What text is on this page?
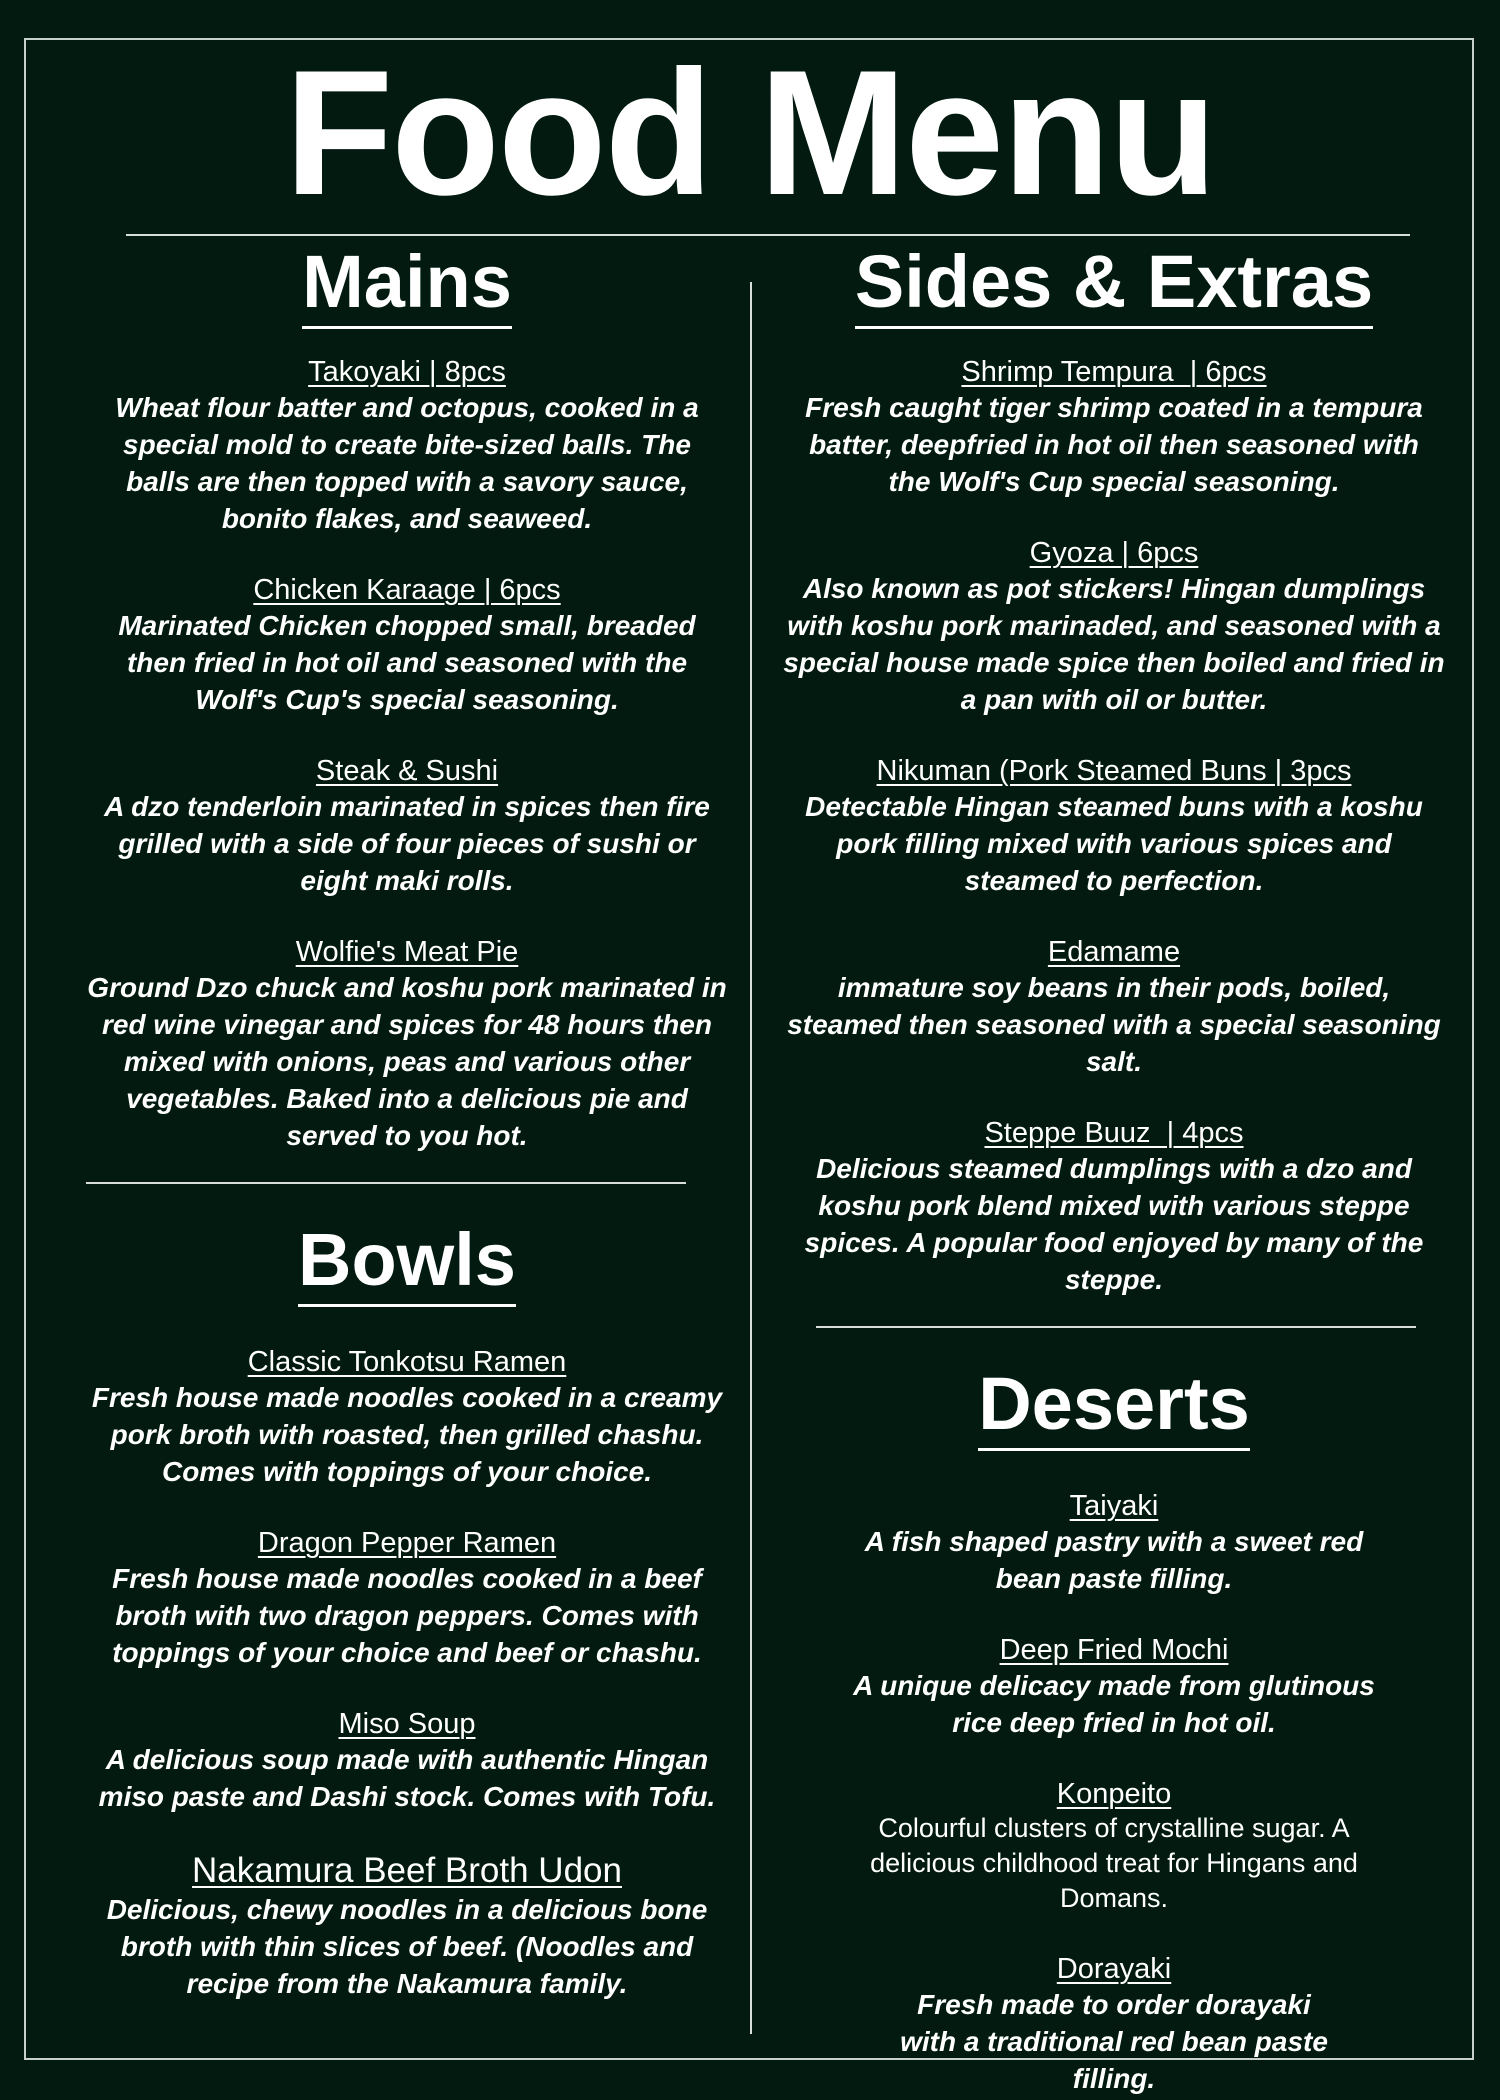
Food Menu
Mains
Takoyaki | 8pcs
Wheat flour batter and octopus, cooked in a special mold to create bite-sized balls. The balls are then topped with a savory sauce, bonito flakes, and seaweed.
Chicken Karaage | 6pcs
Marinated Chicken chopped small, breaded then fried in hot oil and seasoned with the Wolf's Cup's special seasoning.
Steak & Sushi
A dzo tenderloin marinated in spices then fire grilled with a side of four pieces of sushi or eight maki rolls.
Wolfie's Meat Pie
Ground Dzo chuck and koshu pork marinated in red wine vinegar and spices for 48 hours then mixed with onions, peas and various other vegetables. Baked into a delicious pie and served to you hot.
Bowls
Classic Tonkotsu Ramen
Fresh house made noodles cooked in a creamy pork broth with roasted, then grilled chashu. Comes with toppings of your choice.
Dragon Pepper Ramen
Fresh house made noodles cooked in a beef broth with two dragon peppers. Comes with toppings of your choice and beef or chashu.
Miso Soup
A delicious soup made with authentic Hingan miso paste and Dashi stock. Comes with Tofu.
Nakamura Beef Broth Udon
Delicious, chewy noodles in a delicious bone broth with thin slices of beef. (Noodles and recipe from the Nakamura family.
Sides & Extras
Shrimp Tempura  | 6pcs
Fresh caught tiger shrimp coated in a tempura batter, deepfried in hot oil then seasoned with the Wolf's Cup special seasoning.
Gyoza | 6pcs
Also known as pot stickers! Hingan dumplings with koshu pork marinaded, and seasoned with a special house made spice then boiled and fried in a pan with oil or butter.
Nikuman (Pork Steamed Buns | 3pcs
Detectable Hingan steamed buns with a koshu pork filling mixed with various spices and steamed to perfection.
Edamame
immature soy beans in their pods, boiled, steamed then seasoned with a special seasoning salt.
Steppe Buuz  | 4pcs
Delicious steamed dumplings with a dzo and koshu pork blend mixed with various steppe spices. A popular food enjoyed by many of the steppe.
Deserts
Taiyaki
A fish shaped pastry with a sweet red bean paste filling.
Deep Fried Mochi
A unique delicacy made from glutinous rice deep fried in hot oil.
Konpeito
Colourful clusters of crystalline sugar. A delicious childhood treat for Hingans and Domans.
Dorayaki
Fresh made to order dorayaki with a traditional red bean paste filling.
